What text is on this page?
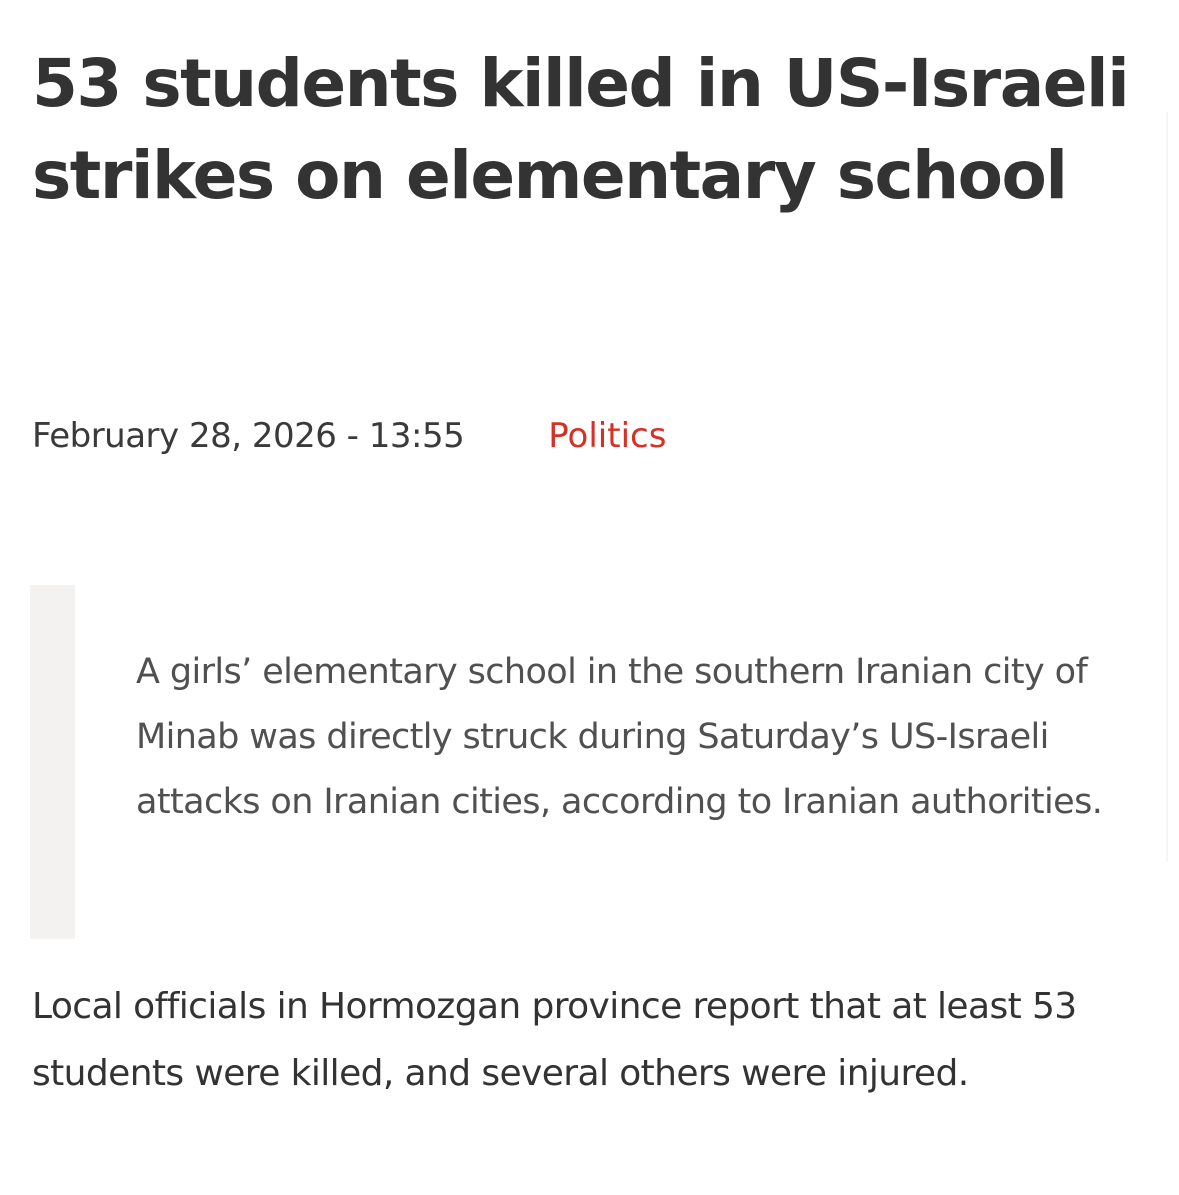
53 students killed in US-Israeli strikes on elementary school
February 28, 2026 - 13:55 Politics

A girls’ elementary school in the southern Iranian city of Minab was directly struck during Saturday’s US-Israeli attacks on Iranian cities, according to Iranian authorities.

Local officials in Hormozgan province report that at least 53 students were killed, and several others were injured.
